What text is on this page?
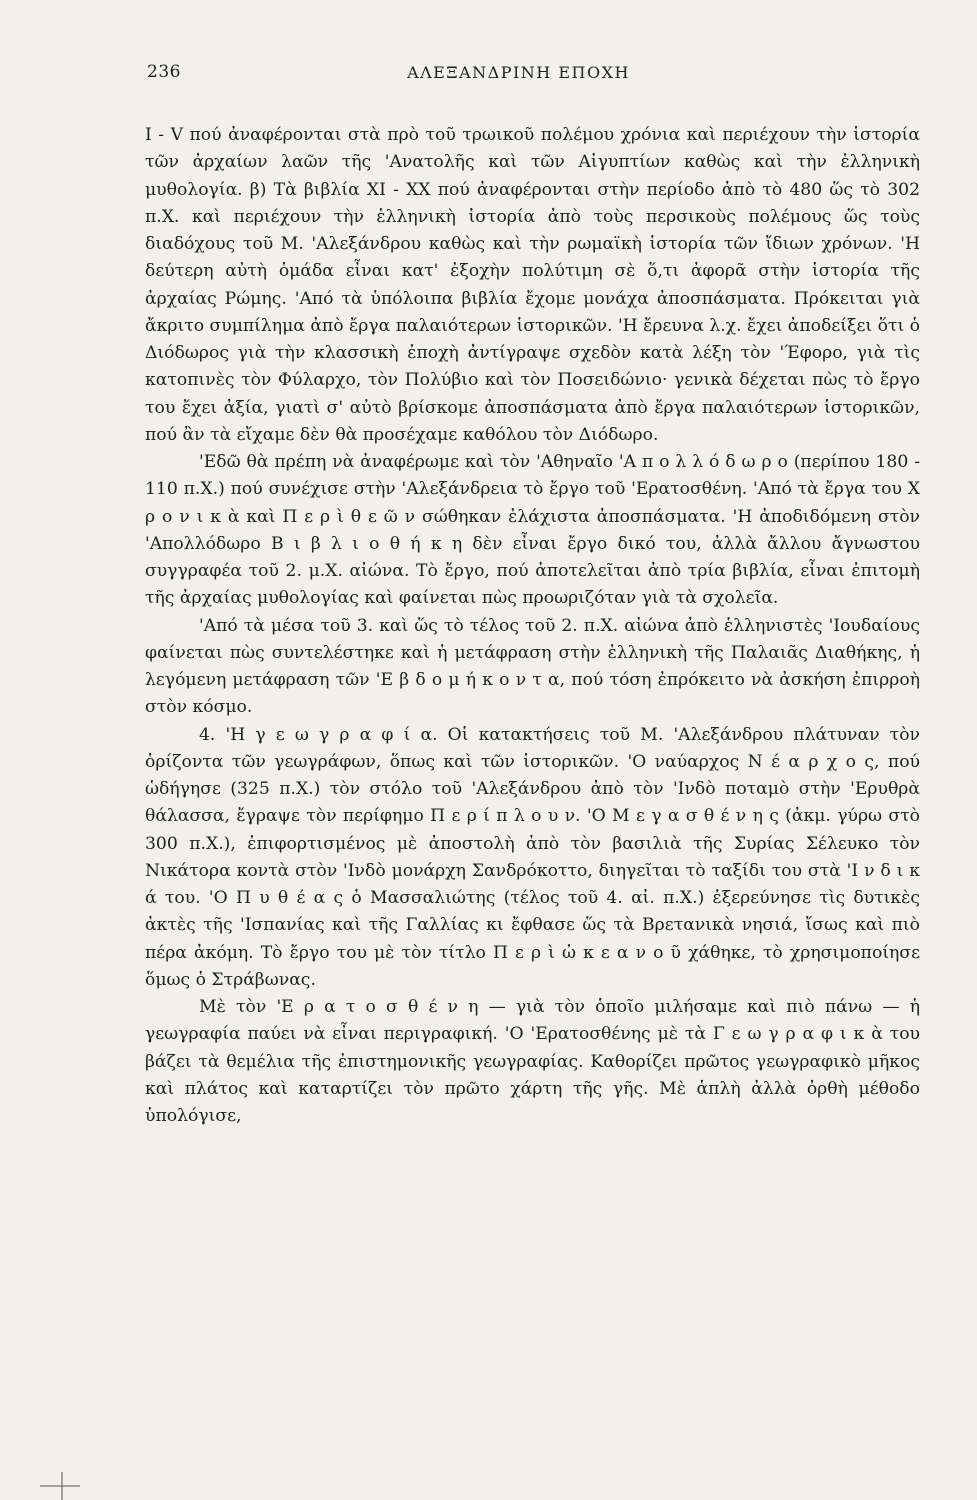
236	ΑΛΕΞΑΝΔΡΙΝΗ ΕΠΟΧΗ

I - V πού ἀναφέρονται στὰ πρὸ τοῦ τρωικοῦ πολέμου χρόνια καὶ περιέχουν τὴν ἱστορία τῶν ἀρχαίων λαῶν τῆς 'Ανατολῆς καὶ τῶν Αἰγυπτίων καθὼς καὶ τὴν ἑλληνικὴ μυθολογία. β) Τὰ βιβλία XI - XX πού ἀναφέρονται στὴν περίοδο ἀπὸ τὸ 480 ὥς τὸ 302 π.Χ. καὶ περιέχουν τὴν ἑλληνικὴ ἱστορία ἀπὸ τοὺς περσικοὺς πολέμους ὥς τοὺς διαδόχους τοῦ Μ. 'Αλεξάνδρου καθὼς καὶ τὴν ρωμαϊκὴ ἱστορία τῶν ἴδιων χρόνων. 'Η δεύτερη αὐτὴ ὁμάδα εἶναι κατ' ἐξοχὴν πολύτιμη σὲ ὅ,τι ἀφορᾶ στὴν ἱστορία τῆς ἀρχαίας Ρώμης. 'Από τὰ ὑπόλοιπα βιβλία ἔχομε μονάχα ἀποσπάσματα. Πρόκειται γιὰ ἄκριτο συμπίλημα ἀπὸ ἔργα παλαιότερων ἱστορικῶν. 'Η ἔρευνα λ.χ. ἔχει ἀποδείξει ὅτι ὁ Διόδωρος γιὰ τὴν κλασσικὴ ἐποχὴ ἀντίγραψε σχεδὸν κατὰ λέξη τὸν 'Έφορο, γιὰ τὶς κατοπινὲς τὸν Φύλαρχο, τὸν Πολύβιο καὶ τὸν Ποσειδώνιο· γενικὰ δέχεται πὼς τὸ ἔργο του ἔχει ἀξία, γιατὶ σ' αὐτὸ βρίσκομε ἀποσπάσματα ἀπὸ ἔργα παλαιότερων ἱστορικῶν, πού ἂν τὰ εἴχαμε δὲν θὰ προσέχαμε καθόλου τὸν Διόδωρο.

'Εδῶ θὰ πρέπη νὰ ἀναφέρωμε καὶ τὸν 'Αθηναῖο 'Α π ο λ λ ό δ ω ρ ο (περίπου 180 - 110 π.Χ.) πού συνέχισε στὴν 'Αλεξάνδρεια τὸ ἔργο τοῦ 'Ερατοσθένη. 'Από τὰ ἔργα του Χ ρ ο ν ι κ ὰ καὶ Π ε ρ ὶ θ ε ῶ ν σώθηκαν ἐλάχιστα ἀποσπάσματα. 'Η ἀποδιδόμενη στὸν 'Απολλόδωρο Β ι β λ ι ο θ ή κ η δὲν εἶναι ἔργο δικό του, ἀλλὰ ἄλλου ἄγνωστου συγγραφέα τοῦ 2. μ.Χ. αἰώνα. Τὸ ἔργο, πού ἀποτελεῖται ἀπὸ τρία βιβλία, εἶναι ἐπιτομὴ τῆς ἀρχαίας μυθολογίας καὶ φαίνεται πὼς προωριζόταν γιὰ τὰ σχολεῖα.

'Από τὰ μέσα τοῦ 3. καὶ ὥς τὸ τέλος τοῦ 2. π.Χ. αἰώνα ἀπὸ ἑλληνιστὲς 'Ιουδαίους φαίνεται πὼς συντελέστηκε καὶ ἡ μετάφραση στὴν ἑλληνικὴ τῆς Παλαιᾶς Διαθήκης, ἡ λεγόμενη μετάφραση τῶν 'Ε β δ ο μ ή κ ο ν τ α, πού τόση ἐπρόκειτο νὰ ἀσκήση ἐπιρροὴ στὸν κόσμο.

4. 'Η γ ε ω γ ρ α φ ί α. Οἱ κατακτήσεις τοῦ Μ. 'Αλεξάνδρου πλάτυναν τὸν ὁρίζοντα τῶν γεωγράφων, ὅπως καὶ τῶν ἱστορικῶν. 'Ο ναύαρχος Ν έ α ρ χ ο ς, πού ὡδήγησε (325 π.Χ.) τὸν στόλο τοῦ 'Αλεξάνδρου ἀπὸ τὸν 'Ινδὸ ποταμὸ στὴν 'Ερυθρὰ θάλασσα, ἔγραψε τὸν περίφημο Π ε ρ ί π λ ο υ ν. 'Ο Μ ε γ α σ θ έ ν η ς (ἀκμ. γύρω στὸ 300 π.Χ.), ἐπιφορτισμένος μὲ ἀποστολὴ ἀπὸ τὸν βασιλιὰ τῆς Συρίας Σέλευκο τὸν Νικάτορα κοντὰ στὸν 'Ινδὸ μονάρχη Σανδρόκοττο, διηγεῖται τὸ ταξίδι του στὰ 'Ι ν δ ι κ ά του. 'Ο Π υ θ έ α ς ὁ Μασσαλιώτης (τέλος τοῦ 4. αἰ. π.Χ.) ἐξερεύνησε τὶς δυτικὲς ἀκτὲς τῆς 'Ισπανίας καὶ τῆς Γαλλίας κι ἔφθασε ὥς τὰ Βρετανικὰ νησιά, ἴσως καὶ πιὸ πέρα ἀκόμη. Τὸ ἔργο του μὲ τὸν τίτλο Π ε ρ ὶ ὠ κ ε α ν ο ῦ χάθηκε, τὸ χρησιμοποίησε ὅμως ὁ Στράβωνας.

Μὲ τὸν 'Ε ρ α τ ο σ θ έ ν η — γιὰ τὸν ὁποῖο μιλήσαμε καὶ πιὸ πάνω — ἡ γεωγραφία παύει νὰ εἶναι περιγραφική. 'Ο 'Ερατοσθένης μὲ τὰ Γ ε ω γ ρ α φ ι κ ὰ του βάζει τὰ θεμέλια τῆς ἐπιστημονικῆς γεωγραφίας. Καθορίζει πρῶτος γεωγραφικὸ μῆκος καὶ πλάτος καὶ καταρτίζει τὸν πρῶτο χάρτη τῆς γῆς. Μὲ ἁπλὴ ἀλλὰ ὀρθὴ μέθοδο ὑπολόγισε,
